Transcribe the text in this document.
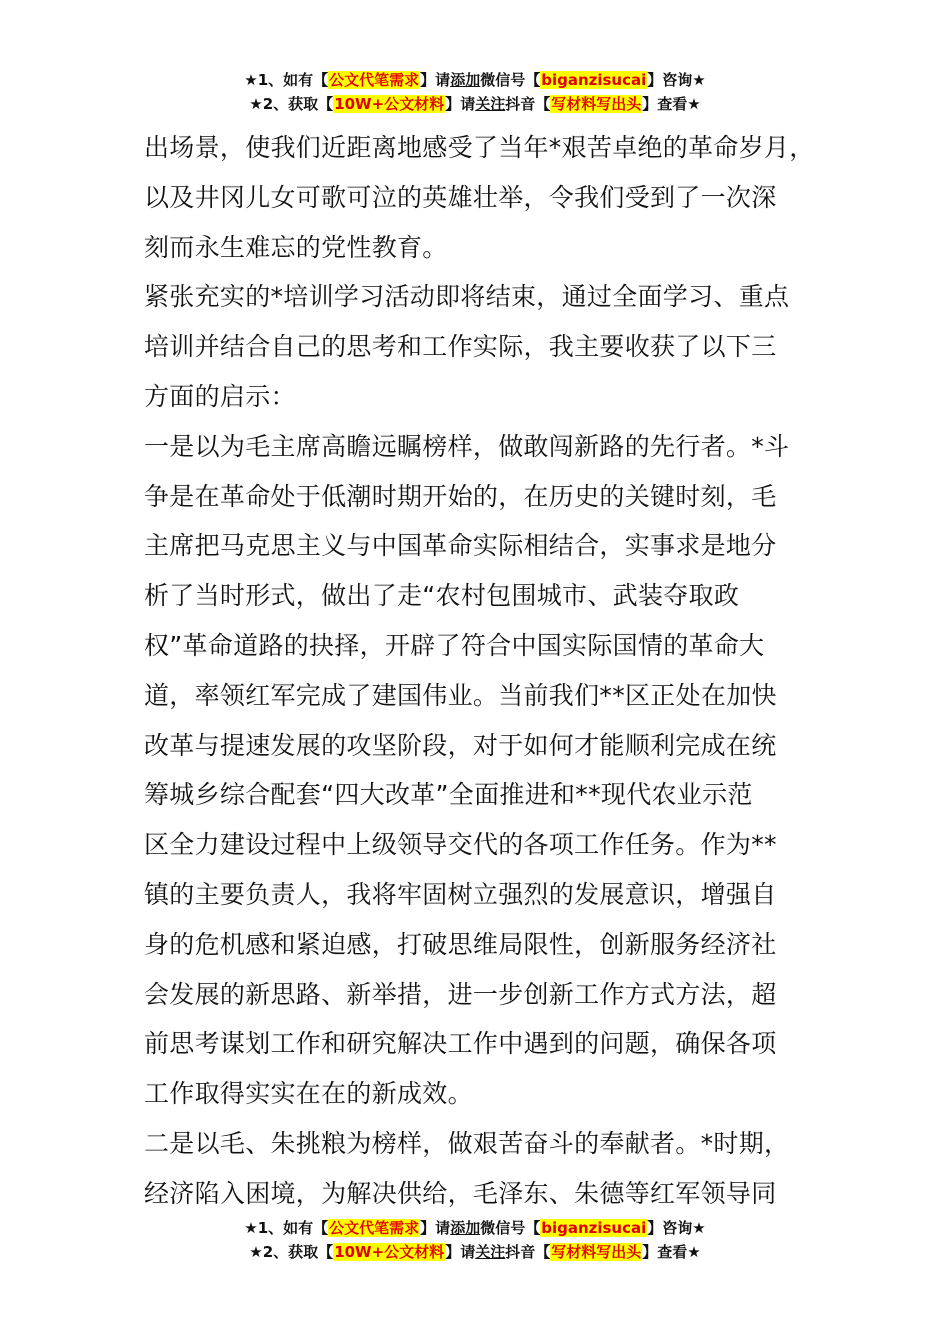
★1、如有【公文代笔需求】请添加微信号【biganzisucai】咨询★
★2、获取【10W+公文材料】请关注抖音【写材料写出头】查看★
出场景，使我们近距离地感受了当年*艰苦卓绝的革命岁月，
以及井冈儿女可歌可泣的英雄壮举，令我们受到了一次深
刻而永生难忘的党性教育。
紧张充实的*培训学习活动即将结束，通过全面学习、重点
培训并结合自己的思考和工作实际，我主要收获了以下三
方面的启示：
一是以为毛主席高瞻远瞩榜样，做敢闯新路的先行者。*斗
争是在革命处于低潮时期开始的，在历史的关键时刻，毛
主席把马克思主义与中国革命实际相结合，实事求是地分
析了当时形式，做出了走“农村包围城市、武装夺取政
权”革命道路的抉择，开辟了符合中国实际国情的革命大
道，率领红军完成了建国伟业。当前我们**区正处在加快
改革与提速发展的攻坚阶段，对于如何才能顺利完成在统
筹城乡综合配套“四大改革”全面推进和**现代农业示范
区全力建设过程中上级领导交代的各项工作任务。作为**
镇的主要负责人，我将牢固树立强烈的发展意识，增强自
身的危机感和紧迫感，打破思维局限性，创新服务经济社
会发展的新思路、新举措，进一步创新工作方式方法，超
前思考谋划工作和研究解决工作中遇到的问题，确保各项
工作取得实实在在的新成效。
二是以毛、朱挑粮为榜样，做艰苦奋斗的奉献者。*时期，
经济陷入困境，为解决供给，毛泽东、朱德等红军领导同
★1、如有【公文代笔需求】请添加微信号【biganzisucai】咨询★
★2、获取【10W+公文材料】请关注抖音【写材料写出头】查看★
